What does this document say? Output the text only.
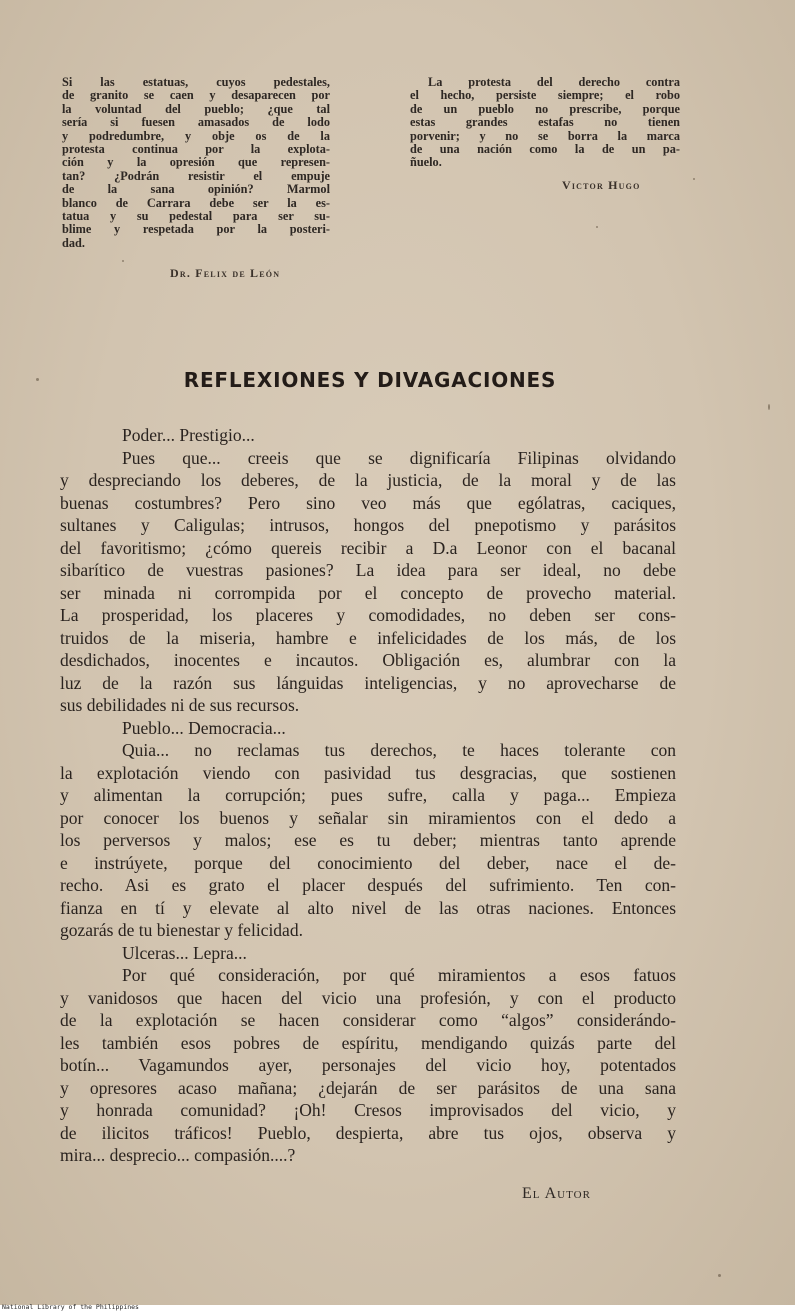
Si las estatuas, cuyos pedestales,
de granito se caen y desaparecen por
la voluntad del pueblo; ¿que tal
sería si fuesen amasados de lodo
y podredumbre, y obje os de la
protesta continua por la explota-
ción y la opresión que represen-
tan? ¿Podrán resistir el empuje
de la sana opinión? Marmol
blanco de Carrara debe ser la es-
tatua y su pedestal para ser su-
blime y respetada por la posteri-
dad.
Dr. Felix de León
La protesta del derecho contra
el hecho, persiste siempre; el robo
de un pueblo no prescribe, porque
estas grandes estafas no tienen
porvenir; y no se borra la marca
de una nación como la de un pa-
ñuelo.
Victor Hugo
REFLEXIONES Y DIVAGACIONES
Poder... Prestigio...
Pues que... creeis que se dignificaría Filipinas olvidando
y despreciando los deberes, de la justicia, de la moral y de las
buenas costumbres? Pero sino veo más que ególatras, caciques,
sultanes y Caligulas; intrusos, hongos del pnepotismo y parásitos
del favoritismo; ¿cómo quereis recibir a D.a Leonor con el bacanal
sibarítico de vuestras pasiones? La idea para ser ideal, no debe
ser minada ni corrompida por el concepto de provecho material.
La prosperidad, los placeres y comodidades, no deben ser cons-
truidos de la miseria, hambre e infelicidades de los más, de los
desdichados, inocentes e incautos. Obligación es, alumbrar con la
luz de la razón sus lánguidas inteligencias, y no aprovecharse de
sus debilidades ni de sus recursos.
Pueblo... Democracia...
Quia... no reclamas tus derechos, te haces tolerante con
la explotación viendo con pasividad tus desgracias, que sostienen
y alimentan la corrupción; pues sufre, calla y paga... Empieza
por conocer los buenos y señalar sin miramientos con el dedo a
los perversos y malos; ese es tu deber; mientras tanto aprende
e instrúyete, porque del conocimiento del deber, nace el de-
recho. Asi es grato el placer después del sufrimiento. Ten con-
fianza en tí y elevate al alto nivel de las otras naciones. Entonces
gozarás de tu bienestar y felicidad.
Ulceras... Lepra...
Por qué consideración, por qué miramientos a esos fatuos
y vanidosos que hacen del vicio una profesión, y con el producto
de la explotación se hacen considerar como “algos” considerándo-
les también esos pobres de espíritu, mendigando quizás parte del
botín... Vagamundos ayer, personajes del vicio hoy, potentados
y opresores acaso mañana; ¿dejarán de ser parásitos de una sana
y honrada comunidad? ¡Oh! Cresos improvisados del vicio, y
de ilicitos tráficos! Pueblo, despierta, abre tus ojos, observa y
mira... desprecio... compasión....?
El Autor
National Library of the Philippines
